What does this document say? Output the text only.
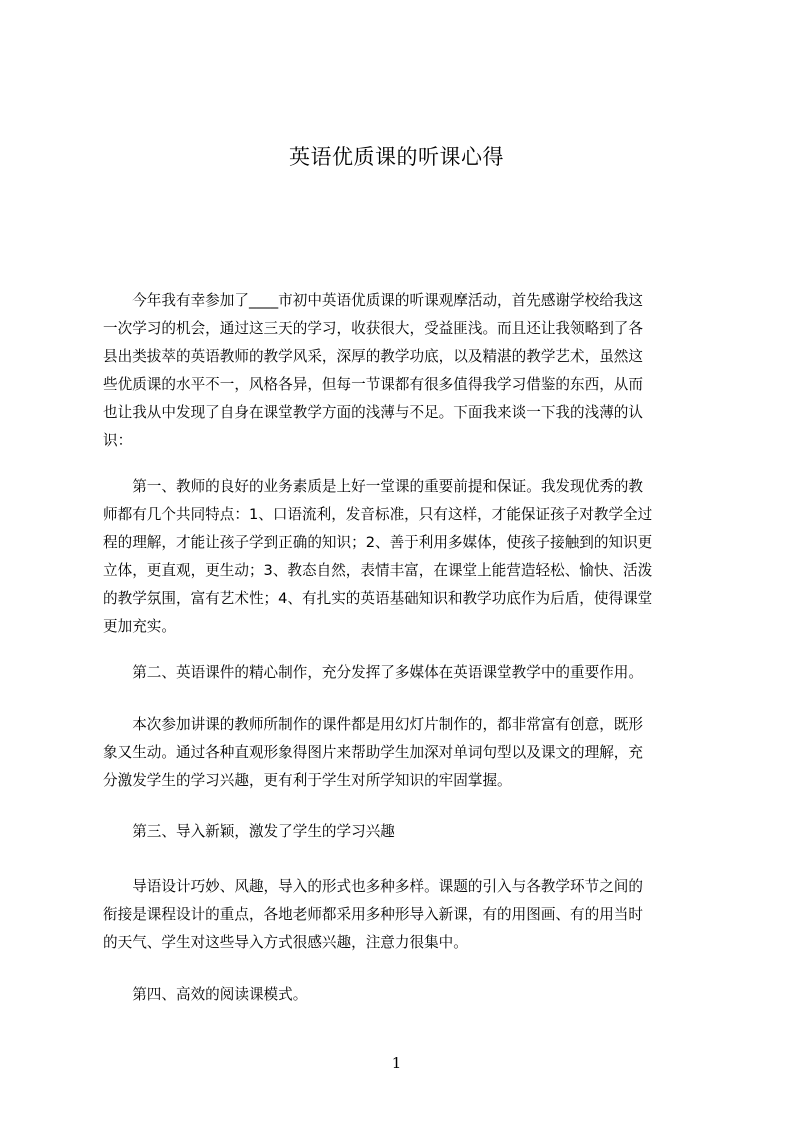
英语优质课的听课心得
　　今年我有幸参加了____市初中英语优质课的听课观摩活动，首先感谢学校给我这
一次学习的机会，通过这三天的学习，收获很大，受益匪浅。而且还让我领略到了各
县出类拔萃的英语教师的教学风采，深厚的教学功底，以及精湛的教学艺术，虽然这
些优质课的水平不一，风格各异，但每一节课都有很多值得我学习借鉴的东西，从而
也让我从中发现了自身在课堂教学方面的浅薄与不足。下面我来谈一下我的浅薄的认
识：
　　第一、教师的良好的业务素质是上好一堂课的重要前提和保证。我发现优秀的教
师都有几个共同特点：1、口语流利，发音标准，只有这样，才能保证孩子对教学全过
程的理解，才能让孩子学到正确的知识；2、善于利用多媒体，使孩子接触到的知识更
立体，更直观，更生动；3、教态自然，表情丰富，在课堂上能营造轻松、愉快、活泼
的教学氛围，富有艺术性；4、有扎实的英语基础知识和教学功底作为后盾，使得课堂
更加充实。
　　第二、英语课件的精心制作，充分发挥了多媒体在英语课堂教学中的重要作用。
　　本次参加讲课的教师所制作的课件都是用幻灯片制作的，都非常富有创意，既形
象又生动。通过各种直观形象得图片来帮助学生加深对单词句型以及课文的理解，充
分激发学生的学习兴趣，更有利于学生对所学知识的牢固掌握。
　　第三、导入新颖，激发了学生的学习兴趣
　　导语设计巧妙、风趣，导入的形式也多种多样。课题的引入与各教学环节之间的
衔接是课程设计的重点，各地老师都采用多种形导入新课，有的用图画、有的用当时
的天气、学生对这些导入方式很感兴趣，注意力很集中。
　　第四、高效的阅读课模式。
1
